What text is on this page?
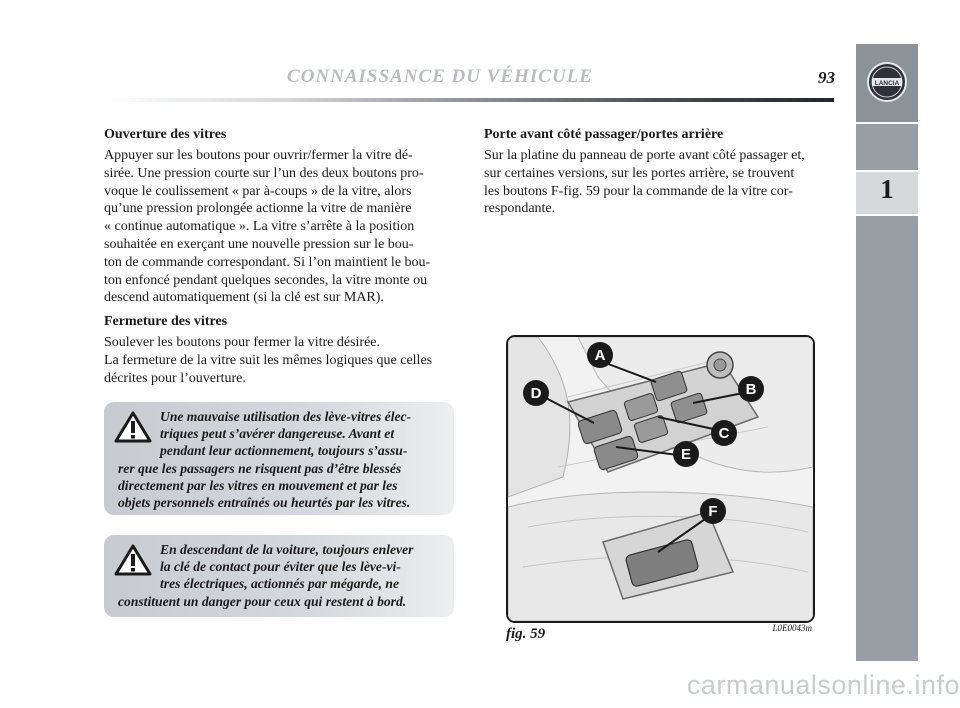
CONNAISSANCE DU VÉHICULE	93	LANCIA
1
Ouverture des vitres
Appuyer sur les boutons pour ouvrir/fermer la vitre dé-
sirée. Une pression courte sur l’un des deux boutons pro-
voque le coulissement « par à-coups » de la vitre, alors
qu’une pression prolongée actionne la vitre de manière
« continue automatique ». La vitre s’arrête à la position
souhaitée en exerçant une nouvelle pression sur le bou-
ton de commande correspondant. Si l’on maintient le bou-
ton enfoncé pendant quelques secondes, la vitre monte ou
descend automatiquement (si la clé est sur MAR).
Fermeture des vitres
Soulever les boutons pour fermer la vitre désirée.
La fermeture de la vitre suit les mêmes logiques que celles
décrites pour l’ouverture.
Une mauvaise utilisation des lève-vitres élec-
triques peut s’avérer dangereuse. Avant et
pendant leur actionnement, toujours s’assu-
rer que les passagers ne risquent pas d’être blessés
directement par les vitres en mouvement et par les
objets personnels entraînés ou heurtés par les vitres.
En descendant de la voiture, toujours enlever
la clé de contact pour éviter que les lève-vi-
tres électriques, actionnés par mégarde, ne
constituent un danger pour ceux qui restent à bord.
Porte avant côté passager/portes arrière
Sur la platine du panneau de porte avant côté passager et,
sur certaines versions, sur les portes arrière, se trouvent
les boutons F-fig. 59 pour la commande de la vitre cor-
respondante.
A
B
C
D
E
F
fig. 59	L0E0043m
carmanualsonline.info
